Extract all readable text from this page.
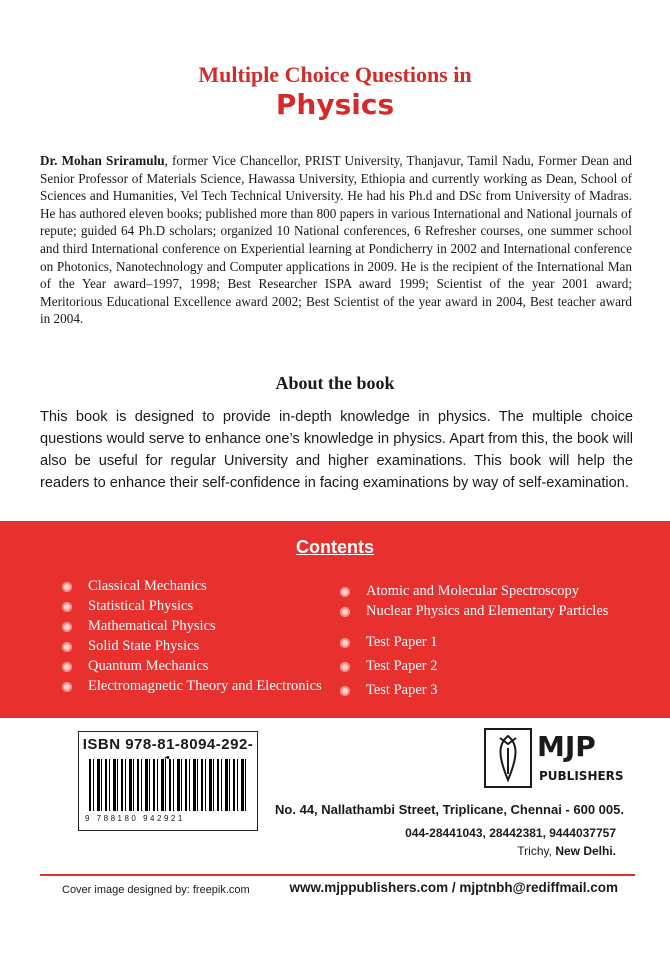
Multiple Choice Questions in
Physics
Dr. Mohan Sriramulu, former Vice Chancellor, PRIST University, Thanjavur, Tamil Nadu, Former Dean and Senior Professor of Materials Science, Hawassa University, Ethiopia and currently working as Dean, School of Sciences and Humanities, Vel Tech Technical University. He had his Ph.d and DSc from University of Madras. He has authored eleven books; published more than 800 papers in various International and National journals of repute; guided 64 Ph.D scholars; organized 10 National conferences, 6 Refresher courses, one summer school and third International conference on Experiential learning at Pondicherry in 2002 and International conference on Photonics, Nanotechnology and Computer applications in 2009. He is the recipient of the International Man of the Year award–1997, 1998; Best Researcher ISPA award 1999; Scientist of the year 2001 award; Meritorious Educational Excellence award 2002; Best Scientist of the year award in 2004, Best teacher award in 2004.
About the book
This book is designed to provide in-depth knowledge in physics. The multiple choice questions would serve to enhance one’s knowledge in physics. Apart from this, the book will also be useful for regular University and higher examinations. This book will help the readers to enhance their self-confidence in facing examinations by way of self-examination.
Contents
Classical Mechanics
Statistical Physics
Mathematical Physics
Solid State Physics
Quantum Mechanics
Electromagnetic Theory and Electronics
Atomic and Molecular Spectroscopy
Nuclear Physics and Elementary Particles
Test Paper 1
Test Paper 2
Test Paper 3
ISBN 978-81-8094-292-
9 788180 942921
MJP
PUBLISHERS
No. 44, Nallathambi Street, Triplicane, Chennai - 600 005.
044-28441043, 28442381, 9444037757
Trichy, New Delhi.
Cover image designed by: freepik.com	www.mjppublishers.com / mjptnbh@rediffmail.com
